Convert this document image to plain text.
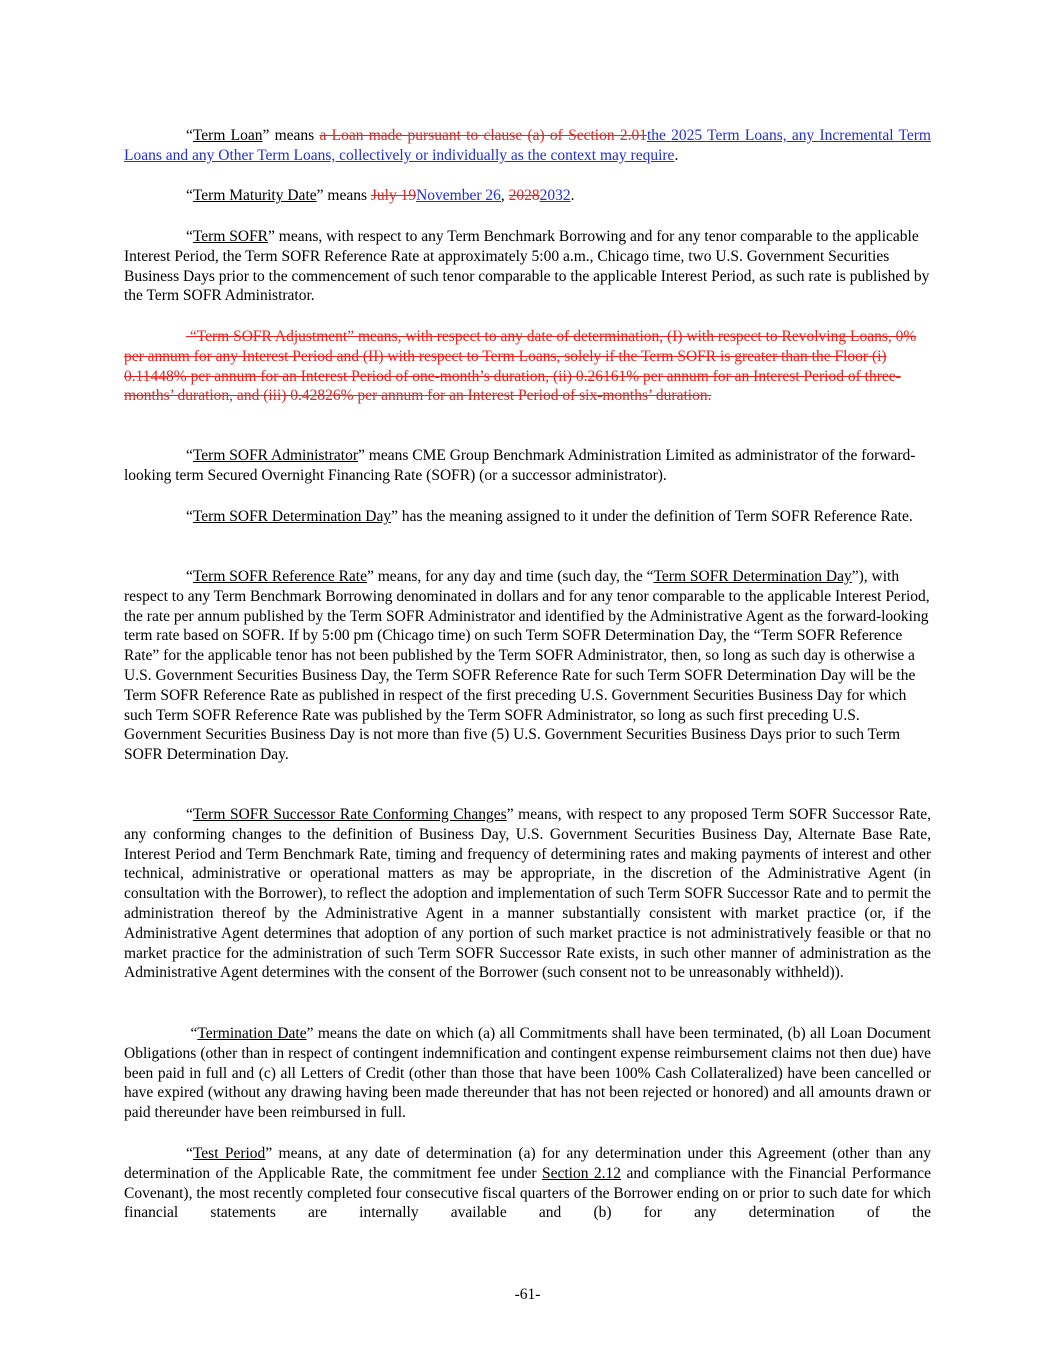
“Term Loan” means a Loan made pursuant to clause (a) of Section 2.01the 2025 Term Loans, any Incremental Term Loans and any Other Term Loans, collectively or individually as the context may require.

“Term Maturity Date” means July 19November 26, 20282032.

“Term SOFR” means, with respect to any Term Benchmark Borrowing and for any tenor comparable to the applicable Interest Period, the Term SOFR Reference Rate at approximately 5:00 a.m., Chicago time, two U.S. Government Securities Business Days prior to the commencement of such tenor comparable to the applicable Interest Period, as such rate is published by the Term SOFR Administrator.

“Term SOFR Adjustment” means, with respect to any date of determination, (I) with respect to Revolving Loans, 0% per annum for any Interest Period and (II) with respect to Term Loans, solely if the Term SOFR is greater than the Floor (i) 0.11448% per annum for an Interest Period of one-month’s duration, (ii) 0.26161% per annum for an Interest Period of three-months’ duration, and (iii) 0.42826% per annum for an Interest Period of six-months’ duration.

“Term SOFR Administrator” means CME Group Benchmark Administration Limited as administrator of the forward-looking term Secured Overnight Financing Rate (SOFR) (or a successor administrator).

“Term SOFR Determination Day” has the meaning assigned to it under the definition of Term SOFR Reference Rate.

“Term SOFR Reference Rate” means, for any day and time (such day, the “Term SOFR Determination Day”), with respect to any Term Benchmark Borrowing denominated in dollars and for any tenor comparable to the applicable Interest Period, the rate per annum published by the Term SOFR Administrator and identified by the Administrative Agent as the forward-looking term rate based on SOFR. If by 5:00 pm (Chicago time) on such Term SOFR Determination Day, the “Term SOFR Reference Rate” for the applicable tenor has not been published by the Term SOFR Administrator, then, so long as such day is otherwise a U.S. Government Securities Business Day, the Term SOFR Reference Rate for such Term SOFR Determination Day will be the Term SOFR Reference Rate as published in respect of the first preceding U.S. Government Securities Business Day for which such Term SOFR Reference Rate was published by the Term SOFR Administrator, so long as such first preceding U.S. Government Securities Business Day is not more than five (5) U.S. Government Securities Business Days prior to such Term SOFR Determination Day.

“Term SOFR Successor Rate Conforming Changes” means, with respect to any proposed Term SOFR Successor Rate, any conforming changes to the definition of Business Day, U.S. Government Securities Business Day, Alternate Base Rate, Interest Period and Term Benchmark Rate, timing and frequency of determining rates and making payments of interest and other technical, administrative or operational matters as may be appropriate, in the discretion of the Administrative Agent (in consultation with the Borrower), to reflect the adoption and implementation of such Term SOFR Successor Rate and to permit the administration thereof by the Administrative Agent in a manner substantially consistent with market practice (or, if the Administrative Agent determines that adoption of any portion of such market practice is not administratively feasible or that no market practice for the administration of such Term SOFR Successor Rate exists, in such other manner of administration as the Administrative Agent determines with the consent of the Borrower (such consent not to be unreasonably withheld)).

“Termination Date” means the date on which (a) all Commitments shall have been terminated, (b) all Loan Document Obligations (other than in respect of contingent indemnification and contingent expense reimbursement claims not then due) have been paid in full and (c) all Letters of Credit (other than those that have been 100% Cash Collateralized) have been cancelled or have expired (without any drawing having been made thereunder that has not been rejected or honored) and all amounts drawn or paid thereunder have been reimbursed in full.

“Test Period” means, at any date of determination (a) for any determination under this Agreement (other than any determination of the Applicable Rate, the commitment fee under Section 2.12 and compliance with the Financial Performance Covenant), the most recently completed four consecutive fiscal quarters of the Borrower ending on or prior to such date for which financial statements are internally available and (b) for any determination of the

-61-
